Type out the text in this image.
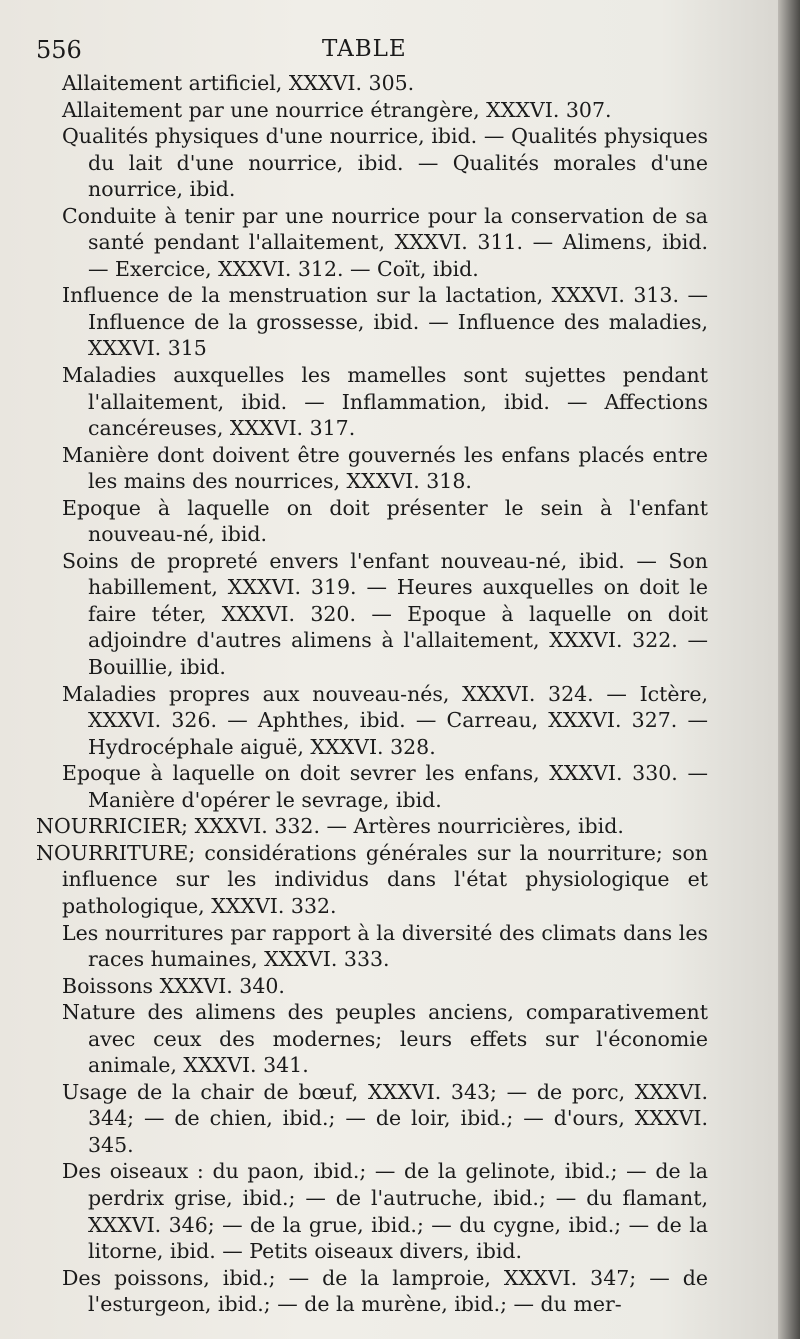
556	TABLE

Allaitement artificiel, XXXVI. 305.

Allaitement par une nourrice étrangère, XXXVI. 307.

Qualités physiques d'une nourrice, ibid. — Qualités physiques du lait d'une nourrice, ibid. — Qualités morales d'une nourrice, ibid.

Conduite à tenir par une nourrice pour la conservation de sa santé pendant l'allaitement, XXXVI. 311. — Alimens, ibid. — Exercice, XXXVI. 312. — Coït, ibid.

Influence de la menstruation sur la lactation, XXXVI. 313. — Influence de la grossesse, ibid. — Influence des maladies, XXXVI. 315

Maladies auxquelles les mamelles sont sujettes pendant l'allaitement, ibid. — Inflammation, ibid. — Affections cancéreuses, XXXVI. 317.

Manière dont doivent être gouvernés les enfans placés entre les mains des nourrices, XXXVI. 318.

Epoque à laquelle on doit présenter le sein à l'enfant nouveau-né, ibid.

Soins de propreté envers l'enfant nouveau-né, ibid. — Son habillement, XXXVI. 319. — Heures auxquelles on doit le faire téter, XXXVI. 320. — Epoque à laquelle on doit adjoindre d'autres alimens à l'allaitement, XXXVI. 322. — Bouillie, ibid.

Maladies propres aux nouveau-nés, XXXVI. 324. — Ictère, XXXVI. 326. — Aphthes, ibid. — Carreau, XXXVI. 327. — Hydrocéphale aiguë, XXXVI. 328.

Epoque à laquelle on doit sevrer les enfans, XXXVI. 330. — Manière d'opérer le sevrage, ibid.

NOURRICIER; XXXVI. 332. — Artères nourricières, ibid.

NOURRITURE; considérations générales sur la nourriture; son influence sur les individus dans l'état physiologique et pathologique, XXXVI. 332.

Les nourritures par rapport à la diversité des climats dans les races humaines, XXXVI. 333.

Boissons XXXVI. 340.

Nature des alimens des peuples anciens, comparativement avec ceux des modernes; leurs effets sur l'économie animale, XXXVI. 341.

Usage de la chair de bœuf, XXXVI. 343; — de porc, XXXVI. 344; — de chien, ibid.; — de loir, ibid.; — d'ours, XXXVI. 345.

Des oiseaux : du paon, ibid.; — de la gelinote, ibid.; — de la perdrix grise, ibid.; — de l'autruche, ibid.; — du flamant, XXXVI. 346; — de la grue, ibid.; — du cygne, ibid.; — de la litorne, ibid. — Petits oiseaux divers, ibid.

Des poissons, ibid.; — de la lamproie, XXXVI. 347; — de l'esturgeon, ibid.; — de la murène, ibid.; — du mer-
